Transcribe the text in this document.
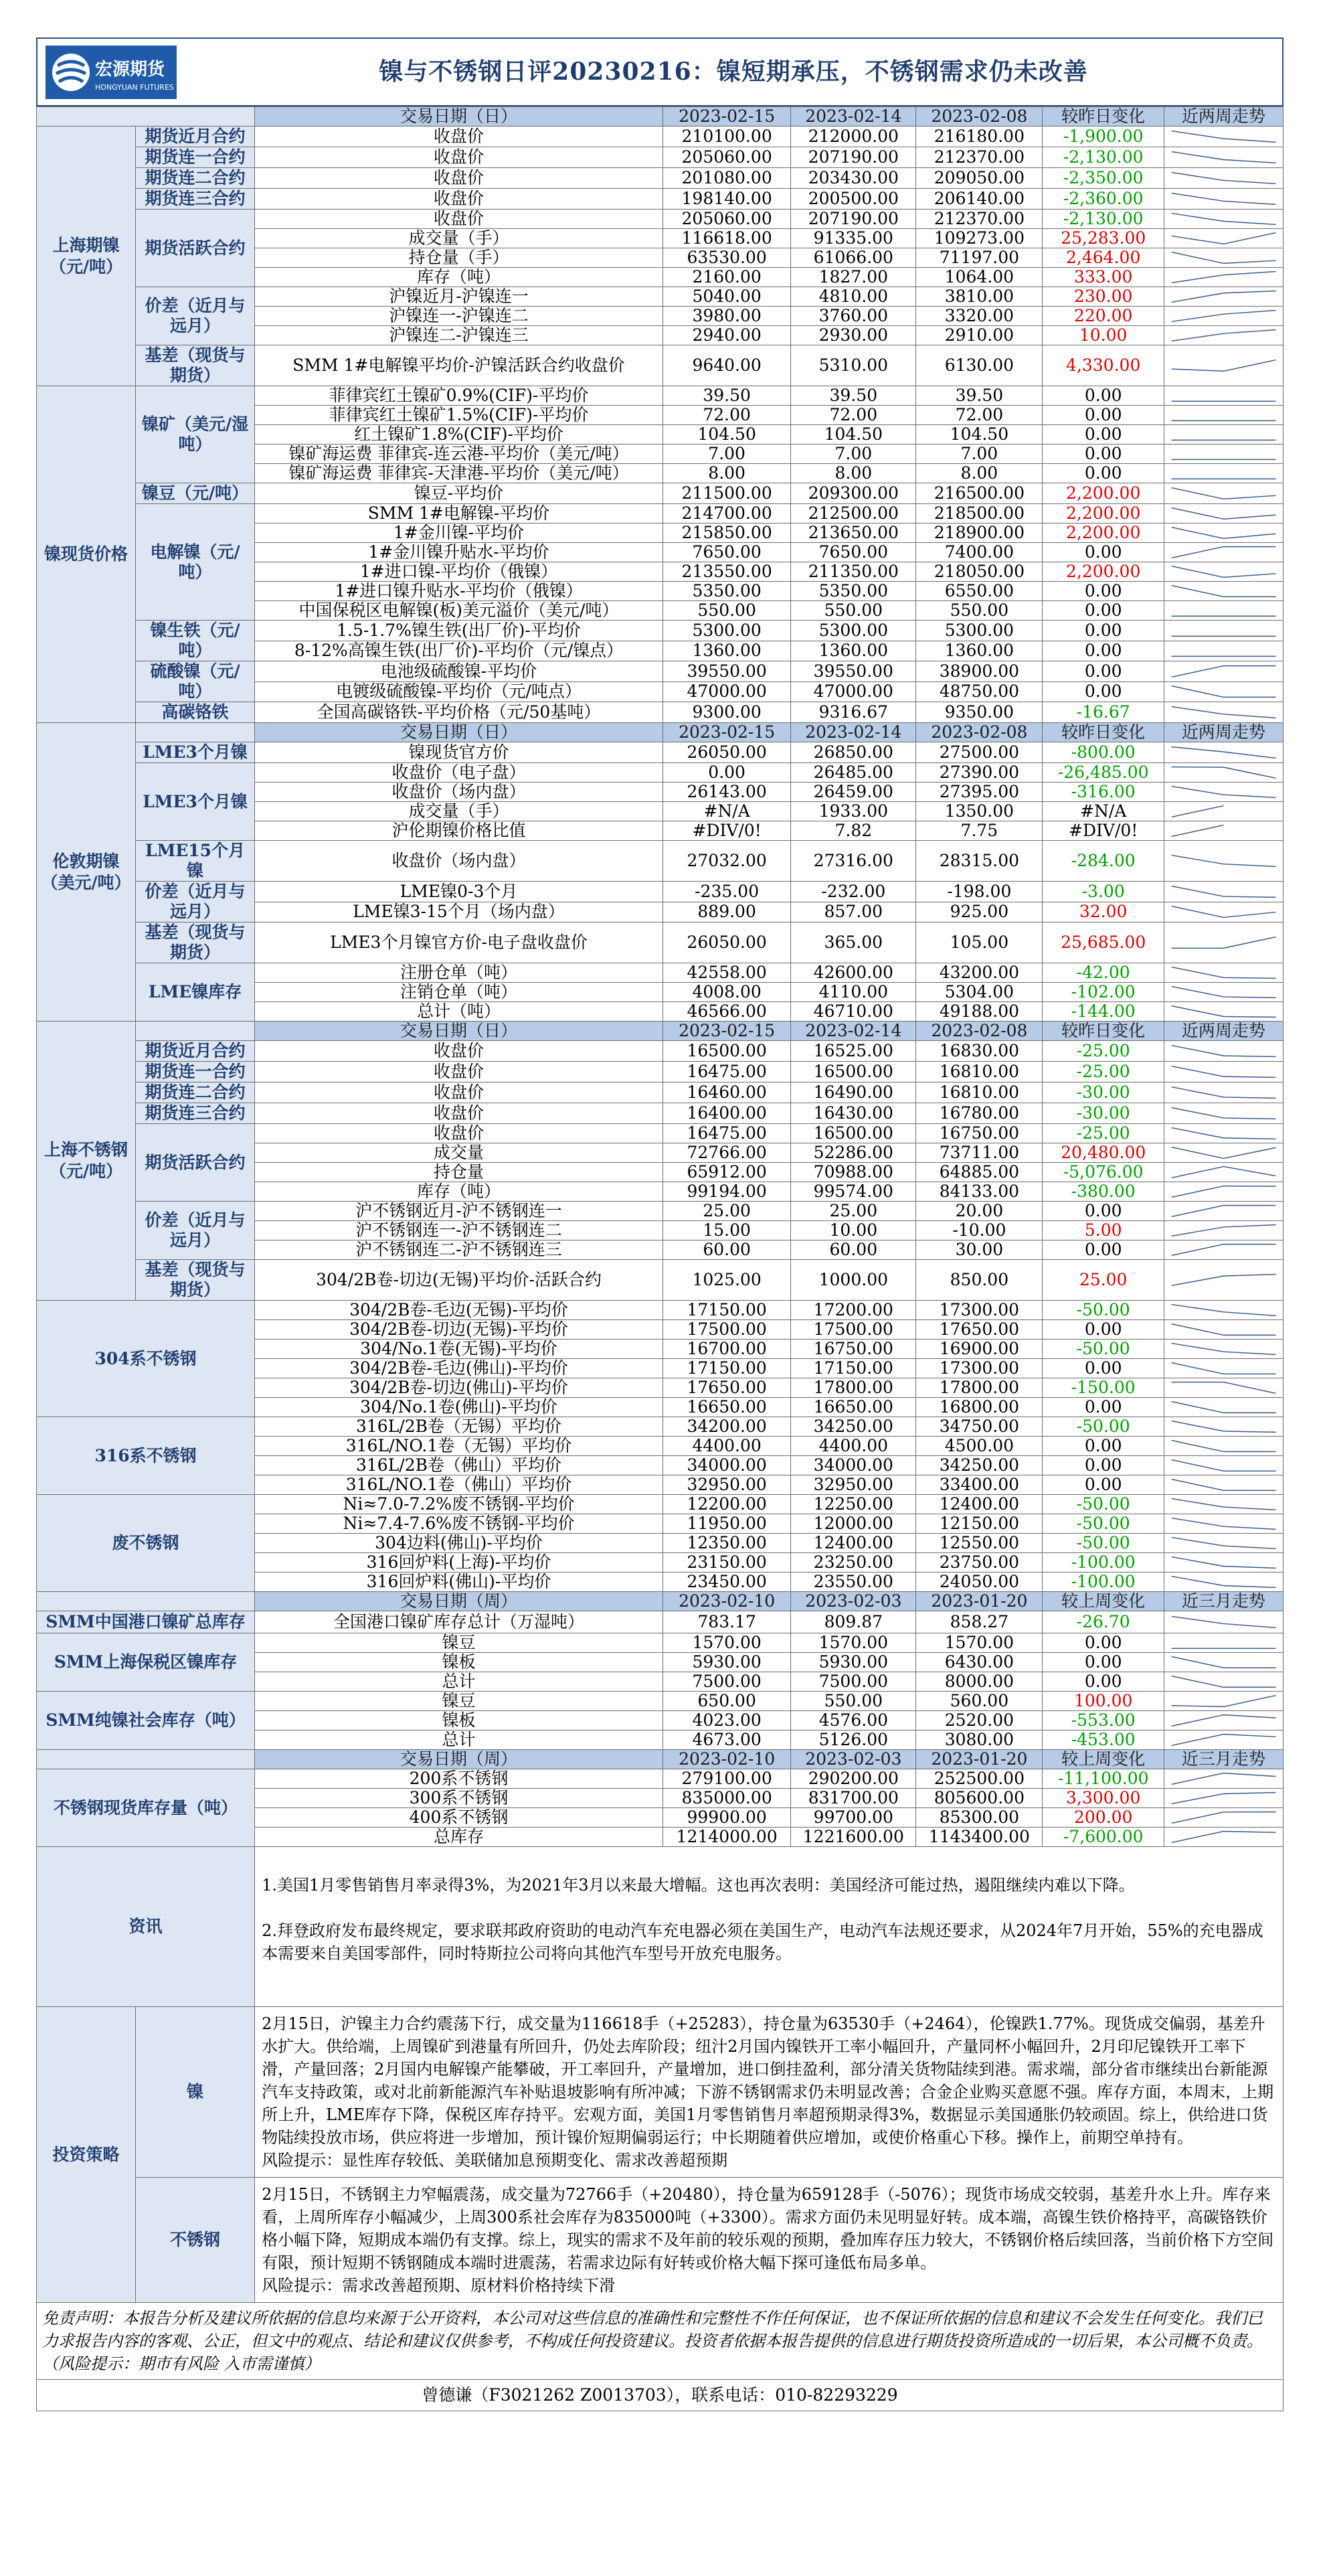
宏源期货
HONGYUAN FUTURES
镍与不锈钢日评20230216：镍短期承压，不锈钢需求仍未改善
		交易日期（日）	2023-02-15	2023-02-14	2023-02-08	较昨日变化	近两周走势
上海期镍（元/吨）	期货近月合约	收盘价	210100.00	212000.00	216180.00	-1,900.00	

	期货连一合约	收盘价	205060.00	207190.00	212370.00	-2,130.00	

	期货连二合约	收盘价	201080.00	203430.00	209050.00	-2,350.00	

	期货连三合约	收盘价	198140.00	200500.00	206140.00	-2,360.00	

	期货活跃合约	收盘价	205060.00	207190.00	212370.00	-2,130.00	

		成交量（手）	116618.00	91335.00	109273.00	25,283.00	

		持仓量（手）	63530.00	61066.00	71197.00	2,464.00	

		库存（吨）	2160.00	1827.00	1064.00	333.00	

	价差（近月与远月）	沪镍近月-沪镍连一	5040.00	4810.00	3810.00	230.00	

		沪镍连一-沪镍连二	3980.00	3760.00	3320.00	220.00	

		沪镍连二-沪镍连三	2940.00	2930.00	2910.00	10.00	

	基差（现货与期货）	SMM 1#电解镍平均价-沪镍活跃合约收盘价	9640.00	5310.00	6130.00	4,330.00	

镍现货价格	镍矿（美元/湿吨）	菲律宾红土镍矿0.9%(CIF)-平均价	39.50	39.50	39.50	0.00	

		菲律宾红土镍矿1.5%(CIF)-平均价	72.00	72.00	72.00	0.00	

		红土镍矿1.8%(CIF)-平均价	104.50	104.50	104.50	0.00	

		镍矿海运费 菲律宾-连云港-平均价（美元/吨）	7.00	7.00	7.00	0.00	

		镍矿海运费 菲律宾-天津港-平均价（美元/吨）	8.00	8.00	8.00	0.00	

	镍豆（元/吨）	镍豆-平均价	211500.00	209300.00	216500.00	2,200.00	

	电解镍（元/吨）	SMM 1#电解镍-平均价	214700.00	212500.00	218500.00	2,200.00	

		1#金川镍-平均价	215850.00	213650.00	218900.00	2,200.00	

		1#金川镍升贴水-平均价	7650.00	7650.00	7400.00	0.00	

		1#进口镍-平均价（俄镍）	213550.00	211350.00	218050.00	2,200.00	

		1#进口镍升贴水-平均价（俄镍）	5350.00	5350.00	6550.00	0.00	

		中国保税区电解镍(板)美元溢价（美元/吨）	550.00	550.00	550.00	0.00	

	镍生铁（元/吨）	1.5-1.7%镍生铁(出厂价)-平均价	5300.00	5300.00	5300.00	0.00	

		8-12%高镍生铁(出厂价)-平均价（元/镍点）	1360.00	1360.00	1360.00	0.00	

	硫酸镍（元/吨）	电池级硫酸镍-平均价	39550.00	39550.00	38900.00	0.00	

		电镀级硫酸镍-平均价（元/吨点）	47000.00	47000.00	48750.00	0.00	

	高碳铬铁	全国高碳铬铁-平均价格（元/50基吨）	9300.00	9316.67	9350.00	-16.67	

伦敦期镍（美元/吨）		交易日期（日）	2023-02-15	2023-02-14	2023-02-08	较昨日变化	近两周走势
	LME3个月镍	镍现货官方价	26050.00	26850.00	27500.00	-800.00	

	LME3个月镍	收盘价（电子盘）	0.00	26485.00	27390.00	-26,485.00	

		收盘价（场内盘）	26143.00	26459.00	27395.00	-316.00	

		成交量（手）	#N/A	1933.00	1350.00	#N/A	

		沪伦期镍价格比值	#DIV/0!	7.82	7.75	#DIV/0!	

	LME15个月镍	收盘价（场内盘）	27032.00	27316.00	28315.00	-284.00	

	价差（近月与远月）	LME镍0-3个月	-235.00	-232.00	-198.00	-3.00	

		LME镍3-15个月（场内盘）	889.00	857.00	925.00	32.00	

	基差（现货与期货）	LME3个月镍官方价-电子盘收盘价	26050.00	365.00	105.00	25,685.00	

	LME镍库存	注册仓单（吨）	42558.00	42600.00	43200.00	-42.00	

		注销仓单（吨）	4008.00	4110.00	5304.00	-102.00	

		总计（吨）	46566.00	46710.00	49188.00	-144.00	

上海不锈钢（元/吨）		交易日期（日）	2023-02-15	2023-02-14	2023-02-08	较昨日变化	近两周走势
	期货近月合约	收盘价	16500.00	16525.00	16830.00	-25.00	

	期货连一合约	收盘价	16475.00	16500.00	16810.00	-25.00	

	期货连二合约	收盘价	16460.00	16490.00	16810.00	-30.00	

	期货连三合约	收盘价	16400.00	16430.00	16780.00	-30.00	

	期货活跃合约	收盘价	16475.00	16500.00	16750.00	-25.00	

		成交量	72766.00	52286.00	73711.00	20,480.00	

		持仓量	65912.00	70988.00	64885.00	-5,076.00	

		库存（吨）	99194.00	99574.00	84133.00	-380.00	

	价差（近月与远月）	沪不锈钢近月-沪不锈钢连一	25.00	25.00	20.00	0.00	

		沪不锈钢连一-沪不锈钢连二	15.00	10.00	-10.00	5.00	

		沪不锈钢连二-沪不锈钢连三	60.00	60.00	30.00	0.00	

	基差（现货与期货）	304/2B卷-切边(无锡)平均价-活跃合约	1025.00	1000.00	850.00	25.00	

304系不锈钢		304/2B卷-毛边(无锡)-平均价	17150.00	17200.00	17300.00	-50.00	

		304/2B卷-切边(无锡)-平均价	17500.00	17500.00	17650.00	0.00	

		304/No.1卷(无锡)-平均价	16700.00	16750.00	16900.00	-50.00	

		304/2B卷-毛边(佛山)-平均价	17150.00	17150.00	17300.00	0.00	

		304/2B卷-切边(佛山)-平均价	17650.00	17800.00	17800.00	-150.00	

		304/No.1卷(佛山)-平均价	16650.00	16650.00	16800.00	0.00	

316系不锈钢		316L/2B卷（无锡）平均价	34200.00	34250.00	34750.00	-50.00	

		316L/NO.1卷（无锡）平均价	4400.00	4400.00	4500.00	0.00	

		316L/2B卷（佛山）平均价	34000.00	34000.00	34250.00	0.00	

		316L/NO.1卷（佛山）平均价	32950.00	32950.00	33400.00	0.00	

废不锈钢		Ni≈7.0-7.2%废不锈钢-平均价	12200.00	12250.00	12400.00	-50.00	

		Ni≈7.4-7.6%废不锈钢-平均价	11950.00	12000.00	12150.00	-50.00	

		304边料(佛山)-平均价	12350.00	12400.00	12550.00	-50.00	

		316回炉料(上海)-平均价	23150.00	23250.00	23750.00	-100.00	

		316回炉料(佛山)-平均价	23450.00	23550.00	24050.00	-100.00	

		交易日期（周）	2023-02-10	2023-02-03	2023-01-20	较上周变化	近三月走势
SMM中国港口镍矿总库存		全国港口镍矿库存总计（万湿吨）	783.17	809.87	858.27	-26.70	

SMM上海保税区镍库存		镍豆	1570.00	1570.00	1570.00	0.00	

		镍板	5930.00	5930.00	6430.00	0.00	

		总计	7500.00	7500.00	8000.00	0.00	

SMM纯镍社会库存（吨）		镍豆	650.00	550.00	560.00	100.00	

		镍板	4023.00	4576.00	2520.00	-553.00	

		总计	4673.00	5126.00	3080.00	-453.00	

		交易日期（周）	2023-02-10	2023-02-03	2023-01-20	较上周变化	近三月走势
不锈钢现货库存量（吨）		200系不锈钢	279100.00	290200.00	252500.00	-11,100.00	

		300系不锈钢	835000.00	831700.00	805600.00	3,300.00	

		400系不锈钢	99900.00	99700.00	85300.00	200.00	

		总库存	1214000.00	1221600.00	1143400.00	-7,600.00	

资讯		1.美国1月零售销售月率录得3%，为2021年3月以来最大增幅。这也再次表明：美国经济可能过热，遏阻继续内难以下降。

2.拜登政府发布最终规定，要求联邦政府资助的电动汽车充电器必须在美国生产，电动汽车法规还要求，从2024年7月开始，55%的充电器成本需要来自美国零部件，同时特斯拉公司将向其他汽车型号开放充电服务。					

投资策略	镍	2月15日，沪镍主力合约震荡下行，成交量为116618手（+25283），持仓量为63530手（+2464），伦镍跌1.77%。现货成交偏弱，基差升水扩大。供给端，上周镍矿到港量有所回升，仍处去库阶段；纽汁2月国内镍铁开工率小幅回升，产量同杯小幅回升，2月印尼镍铁开工率下滑，产量回落；2月国内电解镍产能攀破，开工率回升，产量增加，进口倒挂盈利，部分清关货物陆续到港。需求端，部分省市继续出台新能源汽车支持政策，或对北前新能源汽车补贴退坡影响有所冲减；下游不锈钢需求仍未明显改善；合金企业购买意愿不强。库存方面，本周末，上期所上升，LME库存下降，保税区库存持平。宏观方面，美国1月零售销售月率超预期录得3%，数据显示美国通胀仍较顽固。综上，供给进口货物陆续投放市场，供应将进一步增加，预计镍价短期偏弱运行；中长期随着供应增加，或使价格重心下移。操作上，前期空单持有。

风险提示：显性库存较低、美联储加息预期变化、需求改善超预期					

	不锈钢	2月15日，不锈钢主力窄幅震荡，成交量为72766手（+20480），持仓量为659128手（-5076）；现货市场成交较弱，基差升水上升。库存来看，上周所库存小幅减少，上周300系社会库存为835000吨（+3300）。需求方面仍未见明显好转。成本端，高镍生铁价格持平，高碳铬铁价格小幅下降，短期成本端仍有支撑。综上，现实的需求不及年前的较乐观的预期，叠加库存压力较大，不锈钢价格后续回落，当前价格下方空间有限，预计短期不锈钢随成本端时进震荡，若需求边际有好转或价格大幅下探可逢低布局多单。

风险提示：需求改善超预期、原材料价格持续下滑					

免责声明：本报告分析及建议所依据的信息均来源于公开资料，本公司对这些信息的准确性和完整性不作任何保证，也不保证所依据的信息和建议不会发生任何变化。我们已力求报告内容的客观、公正，但文中的观点、结论和建议仅供参考，不构成任何投资建议。投资者依据本报告提供的信息进行期货投资所造成的一切后果，本公司概不负责。（风险提示：期市有风险 入市需谨慎）							
曾德谦（F3021262 Z0013703），联系电话：010-82293229							
